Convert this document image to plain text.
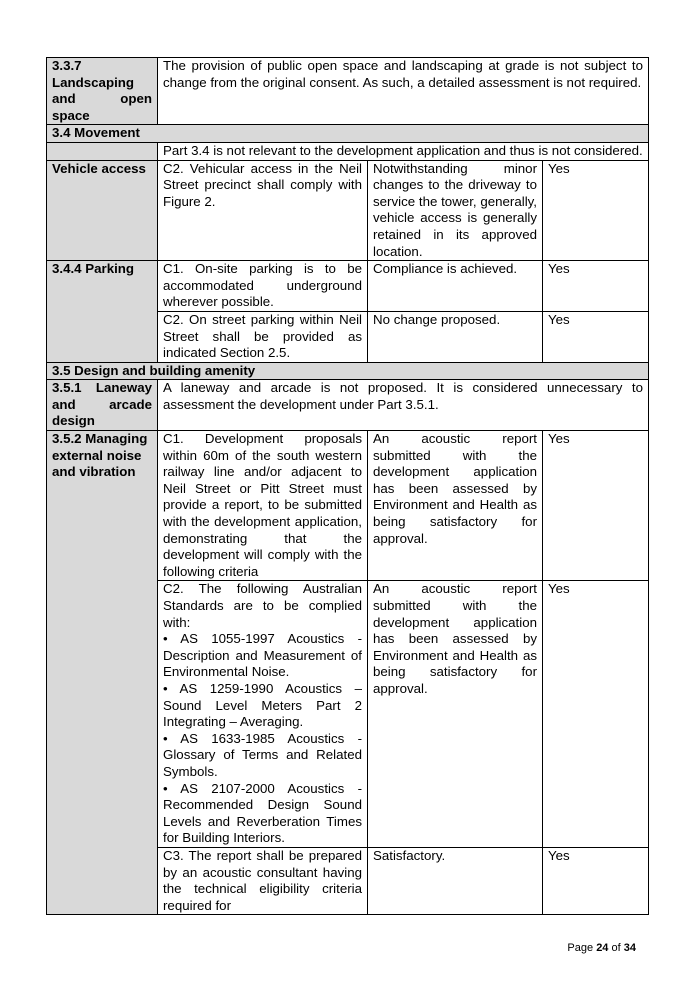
3.3.7 Landscaping and open space	The provision of public open space and landscaping at grade is not subject to change from the original consent. As such, a detailed assessment is not required.		
3.4 Movement			
	Part 3.4 is not relevant to the development application and thus is not considered.		
Vehicle access	C2. Vehicular access in the Neil Street precinct shall comply with Figure 2.	Notwithstanding minor changes to the driveway to service the tower, generally, vehicle access is generally retained in its approved location.	Yes
3.4.4 Parking	C1. On-site parking is to be accommodated underground wherever possible.	Compliance is achieved.	Yes
	C2. On street parking within Neil Street shall be provided as indicated Section 2.5.	No change proposed.	Yes
3.5 Design and building amenity			
3.5.1 Laneway and arcade design	A laneway and arcade is not proposed. It is considered unnecessary to assessment the development under Part 3.5.1.		
3.5.2 Managing external noise and vibration	C1. Development proposals within 60m of the south western railway line and/or adjacent to Neil Street or Pitt Street must provide a report, to be submitted with the development application, demonstrating that the development will comply with the following criteria	An acoustic report submitted with the development application has been assessed by Environment and Health as being satisfactory for approval.	Yes

	C2. The following Australian Standards are to be complied with:
• AS 1055-1997 Acoustics - Description and Measurement of Environmental Noise.
• AS 1259-1990 Acoustics – Sound Level Meters Part 2 Integrating – Averaging.
• AS 1633-1985 Acoustics - Glossary of Terms and Related Symbols.
• AS 2107-2000 Acoustics - Recommended Design Sound Levels and Reverberation Times for Building Interiors.	An acoustic report submitted with the development application has been assessed by Environment and Health as being satisfactory for approval.	Yes
	C3. The report shall be prepared by an acoustic consultant having the technical eligibility criteria required for	Satisfactory.	Yes
Page 24 of 34
